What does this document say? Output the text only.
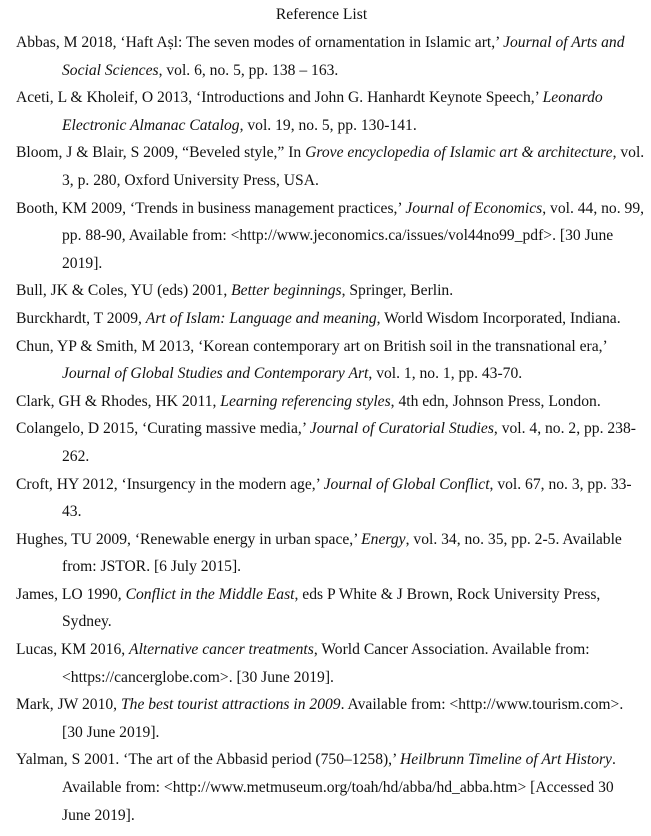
Reference List
Abbas, M 2018, ‘Haft Aṣl: The seven modes of ornamentation in Islamic art,’ Journal of Arts and Social Sciences, vol. 6, no. 5, pp. 138 – 163.
Aceti, L & Kholeif, O 2013, ‘Introductions and John G. Hanhardt Keynote Speech,’ Leonardo Electronic Almanac Catalog, vol. 19, no. 5, pp. 130-141.
Bloom, J & Blair, S 2009, “Beveled style,” In Grove encyclopedia of Islamic art & architecture, vol. 3, p. 280, Oxford University Press, USA.
Booth, KM 2009, ‘Trends in business management practices,’ Journal of Economics, vol. 44, no. 99, pp. 88-90, Available from: <http://www.jeconomics.ca/issues/vol44no99_pdf>. [30 June 2019].
Bull, JK & Coles, YU (eds) 2001, Better beginnings, Springer, Berlin.
Burckhardt, T 2009, Art of Islam: Language and meaning, World Wisdom Incorporated, Indiana.
Chun, YP & Smith, M 2013, ‘Korean contemporary art on British soil in the transnational era,’ Journal of Global Studies and Contemporary Art, vol. 1, no. 1, pp. 43-70.
Clark, GH & Rhodes, HK 2011, Learning referencing styles, 4th edn, Johnson Press, London.
Colangelo, D 2015, ‘Curating massive media,’ Journal of Curatorial Studies, vol. 4, no. 2, pp. 238-262.
Croft, HY 2012, ‘Insurgency in the modern age,’ Journal of Global Conflict, vol. 67, no. 3, pp. 33-43.
Hughes, TU 2009, ‘Renewable energy in urban space,’ Energy, vol. 34, no. 35, pp. 2-5. Available from: JSTOR. [6 July 2015].
James, LO 1990, Conflict in the Middle East, eds P White & J Brown, Rock University Press, Sydney.
Lucas, KM 2016, Alternative cancer treatments, World Cancer Association. Available from: <https://cancerglobe.com>. [30 June 2019].
Mark, JW 2010, The best tourist attractions in 2009. Available from: <http://www.tourism.com>. [30 June 2019].
Yalman, S 2001. ‘The art of the Abbasid period (750–1258),’ Heilbrunn Timeline of Art History. Available from: <http://www.metmuseum.org/toah/hd/abba/hd_abba.htm> [Accessed 30 June 2019].
